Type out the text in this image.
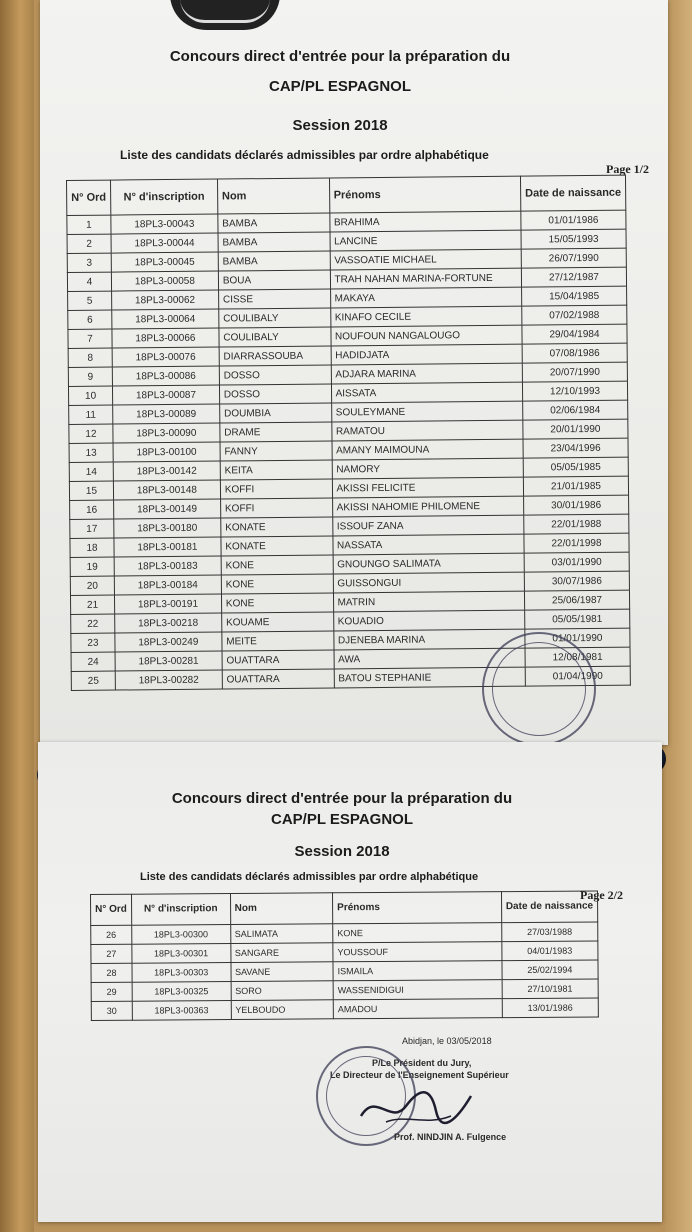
Concours direct d'entrée pour la préparation du
CAP/PL ESPAGNOL
Session 2018
Liste des candidats déclarés admissibles par ordre alphabétique
Page 1/2
N° Ord	N° d'inscription	Nom	Prénoms	Date de naissance
1	18PL3-00043	BAMBA	BRAHIMA	01/01/1986
2	18PL3-00044	BAMBA	LANCINE	15/05/1993
3	18PL3-00045	BAMBA	VASSOATIE MICHAEL	26/07/1990
4	18PL3-00058	BOUA	TRAH NAHAN MARINA-FORTUNE	27/12/1987
5	18PL3-00062	CISSE	MAKAYA	15/04/1985
6	18PL3-00064	COULIBALY	KINAFO CECILE	07/02/1988
7	18PL3-00066	COULIBALY	NOUFOUN NANGALOUGO	29/04/1984
8	18PL3-00076	DIARRASSOUBA	HADIDJATA	07/08/1986
9	18PL3-00086	DOSSO	ADJARA MARINA	20/07/1990
10	18PL3-00087	DOSSO	AISSATA	12/10/1993
11	18PL3-00089	DOUMBIA	SOULEYMANE	02/06/1984
12	18PL3-00090	DRAME	RAMATOU	20/01/1990
13	18PL3-00100	FANNY	AMANY MAIMOUNA	23/04/1996
14	18PL3-00142	KEITA	NAMORY	05/05/1985
15	18PL3-00148	KOFFI	AKISSI FELICITE	21/01/1985
16	18PL3-00149	KOFFI	AKISSI NAHOMIE PHILOMENE	30/01/1986
17	18PL3-00180	KONATE	ISSOUF ZANA	22/01/1988
18	18PL3-00181	KONATE	NASSATA	22/01/1998
19	18PL3-00183	KONE	GNOUNGO SALIMATA	03/01/1990
20	18PL3-00184	KONE	GUISSONGUI	30/07/1986
21	18PL3-00191	KONE	MATRIN	25/06/1987
22	18PL3-00218	KOUAME	KOUADIO	05/05/1981
23	18PL3-00249	MEITE	DJENEBA MARINA	01/01/1990
24	18PL3-00281	OUATTARA	AWA	12/08/1981
25	18PL3-00282	OUATTARA	BATOU STEPHANIE	01/04/1990
Concours direct d'entrée pour la préparation du
CAP/PL ESPAGNOL
Session 2018
Liste des candidats déclarés admissibles par ordre alphabétique
Page 2/2
N° Ord	N° d'inscription	Nom	Prénoms	Date de naissance
26	18PL3-00300	SALIMATA	KONE	27/03/1988
27	18PL3-00301	SANGARE	YOUSSOUF	04/01/1983
28	18PL3-00303	SAVANE	ISMAILA	25/02/1994
29	18PL3-00325	SORO	WASSENIDIGUI	27/10/1981
30	18PL3-00363	YELBOUDO	AMADOU	13/01/1986
Abidjan, le 03/05/2018
P/Le Président du Jury,
Le Directeur de l'Enseignement Supérieur
Prof. NINDJIN A. Fulgence
